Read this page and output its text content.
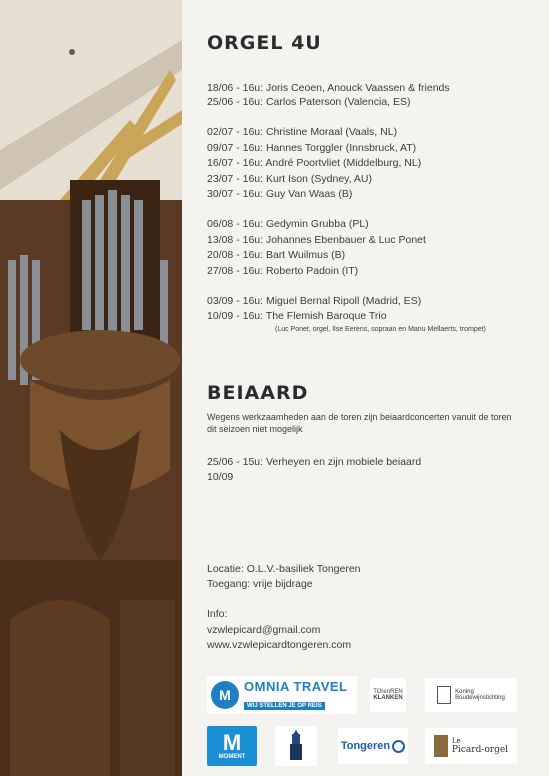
ORGEL 4U
18/06 - 16u: Joris Ceoen, Anouck Vaassen & friends
25/06 - 16u: Carlos Paterson (Valencia, ES)
02/07 - 16u: Christine Moraal (Vaals, NL)
09/07 - 16u: Hannes Torggler (Innsbruck, AT)
16/07 - 16u: André Poortvliet (Middelburg, NL)
23/07 - 16u: Kurt Ison (Sydney, AU)
30/07 - 16u: Guy Van Waas (B)
06/08 - 16u: Gedymin Grubba (PL)
13/08 - 16u: Johannes Ebenbauer & Luc Ponet
20/08 - 16u: Bart Wuilmus (B)
27/08 - 16u: Roberto Padoin (IT)
03/09 - 16u: Miguel Bernal Ripoll (Madrid, ES)
10/09 - 16u: The Flemish Baroque Trio
(Luc Ponet, orgel, Ilse Eerens, sopraan en Manu Mellaerts, trompet)
BEIAARD
Wegens werkzaamheden aan de toren zijn beiaardconcerten vanuit de toren dit seizoen niet mogelijk
25/06 - 15u: Verheyen en zijn mobiele beiaard
10/09
Locatie: O.L.V.-basiliek Tongeren
Toegang: vrije bijdrage
Info:
vzwlepicard@gmail.com
www.vzwlepicardtongeren.com
M
OMNIA TRAVEL
WIJ STELLEN JE OP REIS
TOrenREN
KLANKEN
Koning
Boudewijnstichting
M
MOMENT
Tongeren	Le
Picard-orgel
